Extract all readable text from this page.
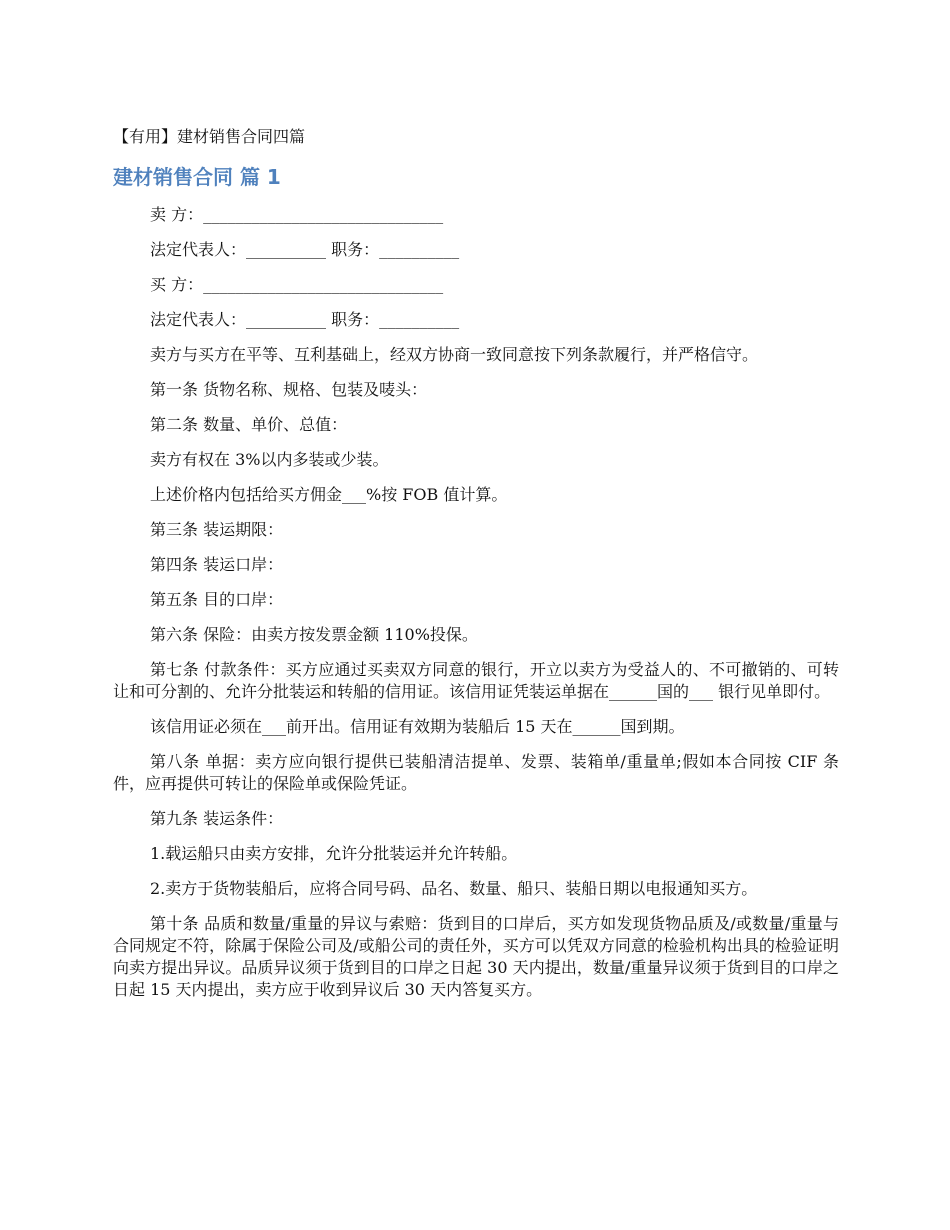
【有用】建材销售合同四篇
建材销售合同 篇 1

卖 方：______________________________

法定代表人：__________ 职务：__________

买 方：______________________________

法定代表人：__________ 职务：__________

卖方与买方在平等、互利基础上，经双方协商一致同意按下列条款履行，并严格信守。

第一条 货物名称、规格、包装及唛头：

第二条 数量、单价、总值：

卖方有权在 3%以内多装或少装。

上述价格内包括给买方佣金___%按 FOB 值计算。

第三条 装运期限：

第四条 装运口岸：

第五条 目的口岸：

第六条 保险：由卖方按发票金额 110%投保。

第七条 付款条件：买方应通过买卖双方同意的银行，开立以卖方为受益人的、不可撤销的、可转让和可分割的、允许分批装运和转船的信用证。该信用证凭装运单据在______国的___ 银行见单即付。

该信用证必须在___前开出。信用证有效期为装船后 15 天在______国到期。

第八条 单据：卖方应向银行提供已装船清洁提单、发票、装箱单/重量单;假如本合同按 CIF 条件，应再提供可转让的保险单或保险凭证。

第九条 装运条件：

1.载运船只由卖方安排，允许分批装运并允许转船。

2.卖方于货物装船后，应将合同号码、品名、数量、船只、装船日期以电报通知买方。

第十条 品质和数量/重量的异议与索赔：货到目的口岸后，买方如发现货物品质及/或数量/重量与合同规定不符，除属于保险公司及/或船公司的责任外，买方可以凭双方同意的检验机构出具的检验证明向卖方提出异议。品质异议须于货到目的口岸之日起 30 天内提出，数量/重量异议须于货到目的口岸之日起 15 天内提出，卖方应于收到异议后 30 天内答复买方。
